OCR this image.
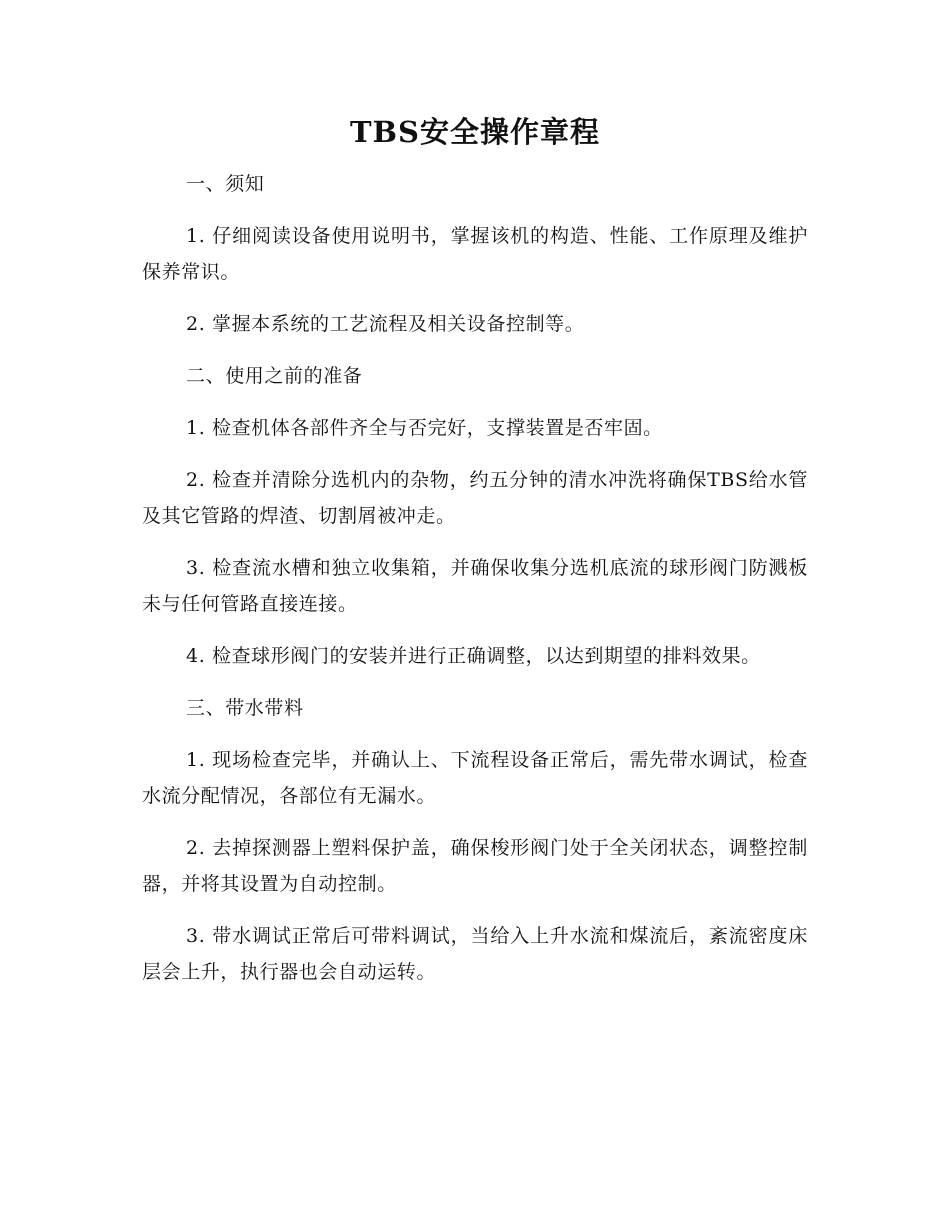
TBS安全操作章程

一、须知

1. 仔细阅读设备使用说明书，掌握该机的构造、性能、工作原理及维护保养常识。

2. 掌握本系统的工艺流程及相关设备控制等。

二、使用之前的准备

1. 检查机体各部件齐全与否完好，支撑装置是否牢固。

2. 检查并清除分选机内的杂物，约五分钟的清水冲洗将确保TBS给水管及其它管路的焊渣、切割屑被冲走。

3. 检查流水槽和独立收集箱，并确保收集分选机底流的球形阀门防溅板未与任何管路直接连接。

4. 检查球形阀门的安装并进行正确调整，以达到期望的排料效果。

三、带水带料

1. 现场检查完毕，并确认上、下流程设备正常后，需先带水调试，检查水流分配情况，各部位有无漏水。

2. 去掉探测器上塑料保护盖，确保梭形阀门处于全关闭状态，调整控制器，并将其设置为自动控制。

3. 带水调试正常后可带料调试，当给入上升水流和煤流后，紊流密度床层会上升，执行器也会自动运转。
